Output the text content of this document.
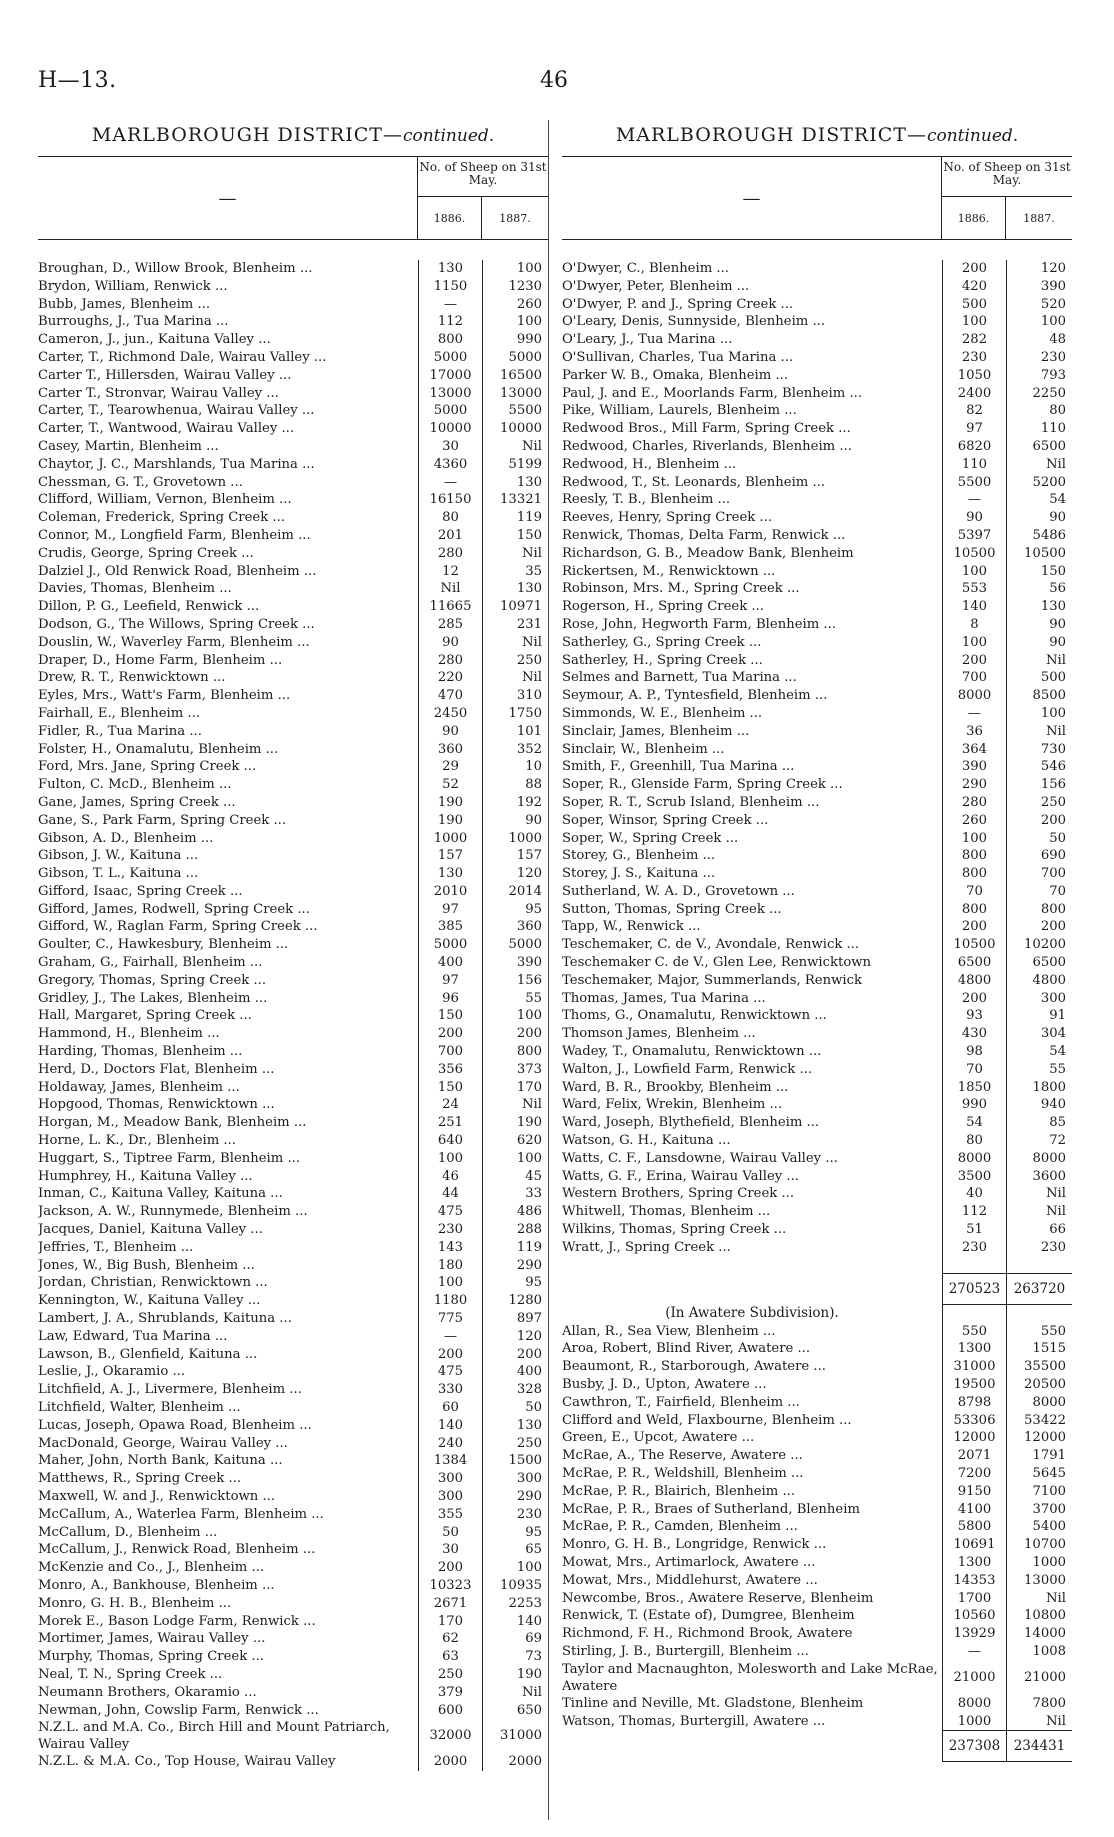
H—13.	46
MARLBOROUGH DISTRICT—continued.
—
No. of Sheep on 31st May.
1886.	1887.
Broughan, D., Willow Brook, Blenheim ...	130	100
Brydon, William, Renwick ...	1150	1230
Bubb, James, Blenheim ...	—	260
Burroughs, J., Tua Marina ...	112	100
Cameron, J., jun., Kaituna Valley ...	800	990
Carter, T., Richmond Dale, Wairau Valley ...	5000	5000
Carter T., Hillersden, Wairau Valley ...	17000	16500
Carter T., Stronvar, Wairau Valley ...	13000	13000
Carter, T., Tearowhenua, Wairau Valley ...	5000	5500
Carter, T., Wantwood, Wairau Valley ...	10000	10000
Casey, Martin, Blenheim ...	30	Nil
Chaytor, J. C., Marshlands, Tua Marina ...	4360	5199
Chessman, G. T., Grovetown ...	—	130
Clifford, William, Vernon, Blenheim ...	16150	13321
Coleman, Frederick, Spring Creek ...	80	119
Connor, M., Longfield Farm, Blenheim ...	201	150
Crudis, George, Spring Creek ...	280	Nil
Dalziel J., Old Renwick Road, Blenheim ...	12	35
Davies, Thomas, Blenheim ...	Nil	130
Dillon, P. G., Leefield, Renwick ...	11665	10971
Dodson, G., The Willows, Spring Creek ...	285	231
Douslin, W., Waverley Farm, Blenheim ...	90	Nil
Draper, D., Home Farm, Blenheim ...	280	250
Drew, R. T., Renwicktown ...	220	Nil
Eyles, Mrs., Watt's Farm, Blenheim ...	470	310
Fairhall, E., Blenheim ...	2450	1750
Fidler, R., Tua Marina ...	90	101
Folster, H., Onamalutu, Blenheim ...	360	352
Ford, Mrs. Jane, Spring Creek ...	29	10
Fulton, C. McD., Blenheim ...	52	88
Gane, James, Spring Creek ...	190	192
Gane, S., Park Farm, Spring Creek ...	190	90
Gibson, A. D., Blenheim ...	1000	1000
Gibson, J. W., Kaituna ...	157	157
Gibson, T. L., Kaituna ...	130	120
Gifford, Isaac, Spring Creek ...	2010	2014
Gifford, James, Rodwell, Spring Creek ...	97	95
Gifford, W., Raglan Farm, Spring Creek ...	385	360
Goulter, C., Hawkesbury, Blenheim ...	5000	5000
Graham, G., Fairhall, Blenheim ...	400	390
Gregory, Thomas, Spring Creek ...	97	156
Gridley, J., The Lakes, Blenheim ...	96	55
Hall, Margaret, Spring Creek ...	150	100
Hammond, H., Blenheim ...	200	200
Harding, Thomas, Blenheim ...	700	800
Herd, D., Doctors Flat, Blenheim ...	356	373
Holdaway, James, Blenheim ...	150	170
Hopgood, Thomas, Renwicktown ...	24	Nil
Horgan, M., Meadow Bank, Blenheim ...	251	190
Horne, L. K., Dr., Blenheim ...	640	620
Huggart, S., Tiptree Farm, Blenheim ...	100	100
Humphrey, H., Kaituna Valley ...	46	45
Inman, C., Kaituna Valley, Kaituna ...	44	33
Jackson, A. W., Runnymede, Blenheim ...	475	486
Jacques, Daniel, Kaituna Valley ...	230	288
Jeffries, T., Blenheim ...	143	119
Jones, W., Big Bush, Blenheim ...	180	290
Jordan, Christian, Renwicktown ...	100	95
Kennington, W., Kaituna Valley ...	1180	1280
Lambert, J. A., Shrublands, Kaituna ...	775	897
Law, Edward, Tua Marina ...	—	120
Lawson, B., Glenfield, Kaituna ...	200	200
Leslie, J., Okaramio ...	475	400
Litchfield, A. J., Livermere, Blenheim ...	330	328
Litchfield, Walter, Blenheim ...	60	50
Lucas, Joseph, Opawa Road, Blenheim ...	140	130
MacDonald, George, Wairau Valley ...	240	250
Maher, John, North Bank, Kaituna ...	1384	1500
Matthews, R., Spring Creek ...	300	300
Maxwell, W. and J., Renwicktown ...	300	290
McCallum, A., Waterlea Farm, Blenheim ...	355	230
McCallum, D., Blenheim ...	50	95
McCallum, J., Renwick Road, Blenheim ...	30	65
McKenzie and Co., J., Blenheim ...	200	100
Monro, A., Bankhouse, Blenheim ...	10323	10935
Monro, G. H. B., Blenheim ...	2671	2253
Morek E., Bason Lodge Farm, Renwick ...	170	140
Mortimer, James, Wairau Valley ...	62	69
Murphy, Thomas, Spring Creek ...	63	73
Neal, T. N., Spring Creek ...	250	190
Neumann Brothers, Okaramio ...	379	Nil
Newman, John, Cowslip Farm, Renwick ...	600	650
N.Z.L. and M.A. Co., Birch Hill and Mount Patriarch, Wairau Valley
32000	31000
N.Z.L. & M.A. Co., Top House, Wairau Valley	2000	2000
MARLBOROUGH DISTRICT—continued.
—
No. of Sheep on 31st May.
1886.	1887.
O'Dwyer, C., Blenheim ...	200	120
O'Dwyer, Peter, Blenheim ...	420	390
O'Dwyer, P. and J., Spring Creek ...	500	520
O'Leary, Denis, Sunnyside, Blenheim ...	100	100
O'Leary, J., Tua Marina ...	282	48
O'Sullivan, Charles, Tua Marina ...	230	230
Parker W. B., Omaka, Blenheim ...	1050	793
Paul, J. and E., Moorlands Farm, Blenheim ...	2400	2250
Pike, William, Laurels, Blenheim ...	82	80
Redwood Bros., Mill Farm, Spring Creek ...	97	110
Redwood, Charles, Riverlands, Blenheim ...	6820	6500
Redwood, H., Blenheim ...	110	Nil
Redwood, T., St. Leonards, Blenheim ...	5500	5200
Reesly, T. B., Blenheim ...	—	54
Reeves, Henry, Spring Creek ...	90	90
Renwick, Thomas, Delta Farm, Renwick ...	5397	5486
Richardson, G. B., Meadow Bank, Blenheim	10500	10500
Rickertsen, M., Renwicktown ...	100	150
Robinson, Mrs. M., Spring Creek ...	553	56
Rogerson, H., Spring Creek ...	140	130
Rose, John, Hegworth Farm, Blenheim ...	8	90
Satherley, G., Spring Creek ...	100	90
Satherley, H., Spring Creek ...	200	Nil
Selmes and Barnett, Tua Marina ...	700	500
Seymour, A. P., Tyntesfield, Blenheim ...	8000	8500
Simmonds, W. E., Blenheim ...	—	100
Sinclair, James, Blenheim ...	36	Nil
Sinclair, W., Blenheim ...	364	730
Smith, F., Greenhill, Tua Marina ...	390	546
Soper, R., Glenside Farm, Spring Creek ...	290	156
Soper, R. T., Scrub Island, Blenheim ...	280	250
Soper, Winsor, Spring Creek ...	260	200
Soper, W., Spring Creek ...	100	50
Storey, G., Blenheim ...	800	690
Storey, J. S., Kaituna ...	800	700
Sutherland, W. A. D., Grovetown ...	70	70
Sutton, Thomas, Spring Creek ...	800	800
Tapp, W., Renwick ...	200	200
Teschemaker, C. de V., Avondale, Renwick ...	10500	10200
Teschemaker C. de V., Glen Lee, Renwicktown	6500	6500
Teschemaker, Major, Summerlands, Renwick	4800	4800
Thomas, James, Tua Marina ...	200	300
Thoms, G., Onamalutu, Renwicktown ...	93	91
Thomson James, Blenheim ...	430	304
Wadey, T., Onamalutu, Renwicktown ...	98	54
Walton, J., Lowfield Farm, Renwick ...	70	55
Ward, B. R., Brookby, Blenheim ...	1850	1800
Ward, Felix, Wrekin, Blenheim ...	990	940
Ward, Joseph, Blythefield, Blenheim ...	54	85
Watson, G. H., Kaituna ...	80	72
Watts, C. F., Lansdowne, Wairau Valley ...	8000	8000
Watts, G. F., Erina, Wairau Valley ...	3500	3600
Western Brothers, Spring Creek ...	40	Nil
Whitwell, Thomas, Blenheim ...	112	Nil
Wilkins, Thomas, Spring Creek ...	51	66
Wratt, J., Spring Creek ...	230	230
270523 263720
(In Awatere Subdivision).
Allan, R., Sea View, Blenheim ...	550	550
Aroa, Robert, Blind River, Awatere ...	1300	1515
Beaumont, R., Starborough, Awatere ...	31000	35500
Busby, J. D., Upton, Awatere ...	19500	20500
Cawthron, T., Fairfield, Blenheim ...	8798	8000
Clifford and Weld, Flaxbourne, Blenheim ...	53306	53422
Green, E., Upcot, Awatere ...	12000	12000
McRae, A., The Reserve, Awatere ...	2071	1791
McRae, P. R., Weldshill, Blenheim ...	7200	5645
McRae, P. R., Blairich, Blenheim ...	9150	7100
McRae, P. R., Braes of Sutherland, Blenheim	4100	3700
McRae, P. R., Camden, Blenheim ...	5800	5400
Monro, G. H. B., Longridge, Renwick ...	10691	10700
Mowat, Mrs., Artimarlock, Awatere ...	1300	1000
Mowat, Mrs., Middlehurst, Awatere ...	14353	13000
Newcombe, Bros., Awatere Reserve, Blenheim	1700	Nil
Renwick, T. (Estate of), Dumgree, Blenheim	10560	10800
Richmond, F. H., Richmond Brook, Awatere	13929	14000
Stirling, J. B., Burtergill, Blenheim ...	—	1008
Taylor and Macnaughton, Molesworth and Lake McRae, Awatere
21000	21000
Tinline and Neville, Mt. Gladstone, Blenheim	8000	7800
Watson, Thomas, Burtergill, Awatere ...	1000	Nil
237308 234431
